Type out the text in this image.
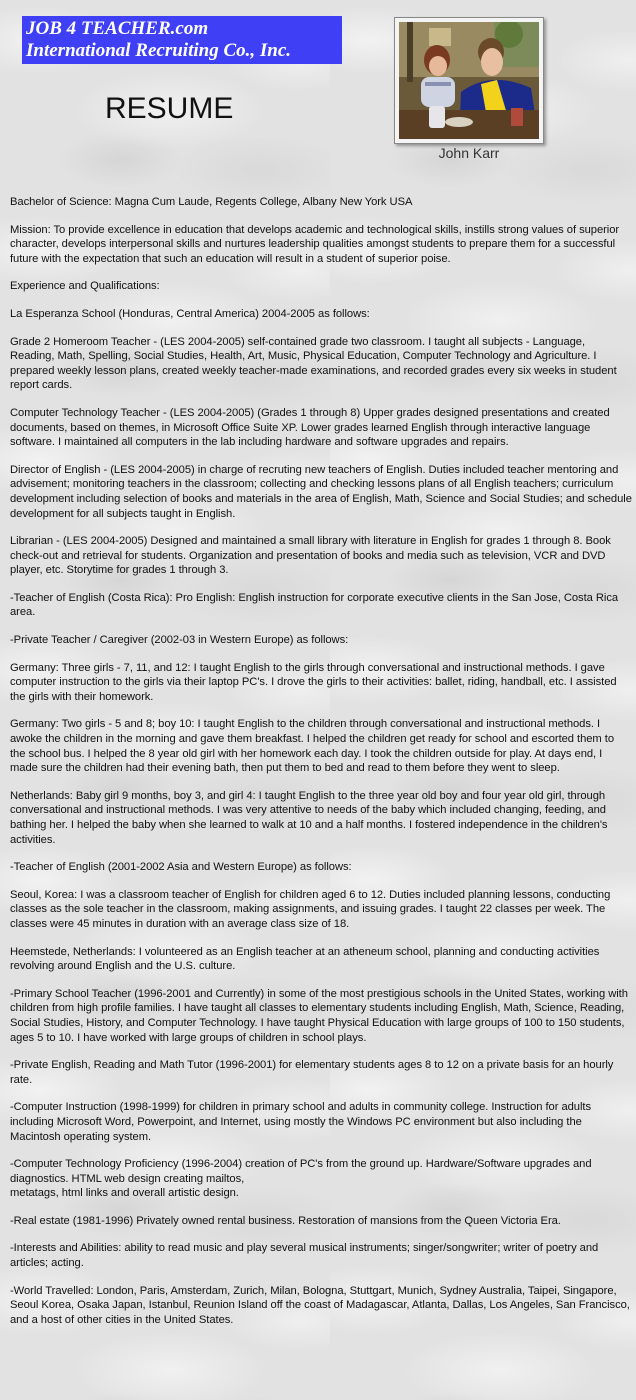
JOB 4 TEACHER.com
International Recruiting Co., Inc.
RESUME
John Karr

Bachelor of Science: Magna Cum Laude, Regents College, Albany New York USA

Mission: To provide excellence in education that develops academic and technological skills, instills strong values of superior character, develops interpersonal skills and nurtures leadership qualities amongst students to prepare them for a successful future with the expectation that such an education will result in a student of superior poise.

Experience and Qualifications:

La Esperanza School (Honduras, Central America) 2004-2005 as follows:

Grade 2 Homeroom Teacher - (LES 2004-2005) self-contained grade two classroom. I taught all subjects - Language, Reading, Math, Spelling, Social Studies, Health, Art, Music, Physical Education, Computer Technology and Agriculture. I prepared weekly lesson plans, created weekly teacher-made examinations, and recorded grades every six weeks in student report cards.

Computer Technology Teacher - (LES 2004-2005) (Grades 1 through 8) Upper grades designed presentations and created documents, based on themes, in Microsoft Office Suite XP. Lower grades learned English through interactive language software. I maintained all computers in the lab including hardware and software upgrades and repairs.

Director of English - (LES 2004-2005) in charge of recruting new teachers of English. Duties included teacher mentoring and advisement; monitoring teachers in the classroom; collecting and checking lessons plans of all English teachers; curriculum development including selection of books and materials in the area of English, Math, Science and Social Studies; and schedule development for all subjects taught in English.

Librarian - (LES 2004-2005) Designed and maintained a small library with literature in English for grades 1 through 8. Book check-out and retrieval for students. Organization and presentation of books and media such as television, VCR and DVD player, etc. Storytime for grades 1 through 3.

-Teacher of English (Costa Rica): Pro English: English instruction for corporate executive clients in the San Jose, Costa Rica area.

-Private Teacher / Caregiver (2002-03 in Western Europe) as follows:

Germany: Three girls - 7, 11, and 12: I taught English to the girls through conversational and instructional methods. I gave computer instruction to the girls via their laptop PC's. I drove the girls to their activities: ballet, riding, handball, etc. I assisted the girls with their homework.

Germany: Two girls - 5 and 8; boy 10: I taught English to the children through conversational and instructional methods. I awoke the children in the morning and gave them breakfast. I helped the children get ready for school and escorted them to the school bus. I helped the 8 year old girl with her homework each day. I took the children outside for play. At days end, I made sure the children had their evening bath, then put them to bed and read to them before they went to sleep.

Netherlands: Baby girl 9 months, boy 3, and girl 4: I taught English to the three year old boy and four year old girl, through conversational and instructional methods. I was very attentive to needs of the baby which included changing, feeding, and bathing her. I helped the baby when she learned to walk at 10 and a half months. I fostered independence in the children's activities.

-Teacher of English (2001-2002 Asia and Western Europe) as follows:

Seoul, Korea: I was a classroom teacher of English for children aged 6 to 12. Duties included planning lessons, conducting classes as the sole teacher in the classroom, making assignments, and issuing grades. I taught 22 classes per week. The classes were 45 minutes in duration with an average class size of 18.

Heemstede, Netherlands: I volunteered as an English teacher at an atheneum school, planning and conducting activities revolving around English and the U.S. culture.

-Primary School Teacher (1996-2001 and Currently) in some of the most prestigious schools in the United States, working with children from high profile families. I have taught all classes to elementary students including English, Math, Science, Reading, Social Studies, History, and Computer Technology. I have taught Physical Education with large groups of 100 to 150 students, ages 5 to 10. I have worked with large groups of children in school plays.

-Private English, Reading and Math Tutor (1996-2001) for elementary students ages 8 to 12 on a private basis for an hourly rate.

-Computer Instruction (1998-1999) for children in primary school and adults in community college. Instruction for adults including Microsoft Word, Powerpoint, and Internet, using mostly the Windows PC environment but also including the Macintosh operating system.

-Computer Technology Proficiency (1996-2004) creation of PC's from the ground up. Hardware/Software upgrades and diagnostics. HTML web design creating mailtos,
metatags, html links and overall artistic design.

-Real estate (1981-1996) Privately owned rental business. Restoration of mansions from the Queen Victoria Era.

-Interests and Abilities: ability to read music and play several musical instruments; singer/songwriter; writer of poetry and articles; acting.

-World Travelled: London, Paris, Amsterdam, Zurich, Milan, Bologna, Stuttgart, Munich, Sydney Australia, Taipei, Singapore, Seoul Korea, Osaka Japan, Istanbul, Reunion Island off the coast of Madagascar, Atlanta, Dallas, Los Angeles, San Francisco, and a host of other cities in the United States.
